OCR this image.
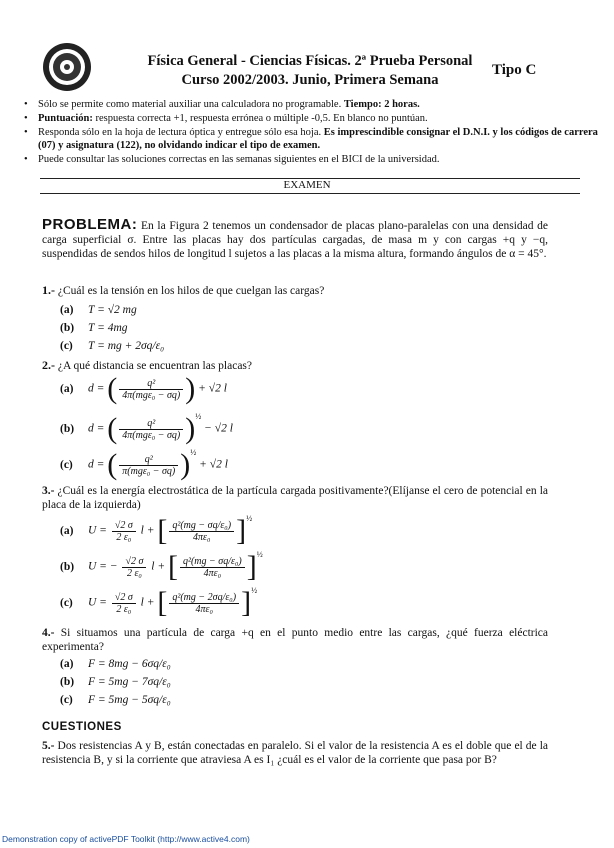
Física General - Ciencias Físicas. 2ª Prueba Personal
Curso 2002/2003. Junio, Primera Semana
Tipo C
• Sólo se permite como material auxiliar una calculadora no programable. Tiempo: 2 horas.
• Puntuación: respuesta correcta +1, respuesta errónea o múltiple -0,5. En blanco no puntúan.
• Responda sólo en la hoja de lectura óptica y entregue sólo esa hoja. Es imprescindible consignar el D.N.I. y los códigos de carrera (07) y asignatura (122), no olvidando indicar el tipo de examen.
• Puede consultar las soluciones correctas en las semanas siguientes en el BICI de la universidad.
EXAMEN
PROBLEMA: En la Figura 2 tenemos un condensador de placas plano-paralelas con una densidad de carga superficial σ. Entre las placas hay dos partículas cargadas, de masa m y con cargas +q y −q, suspendidas de sendos hilos de longitud l sujetos a las placas a la misma altura, formando ángulos de α = 45°.
1.- ¿Cuál es la tensión en los hilos de que cuelgan las cargas?
(a) T = √2 mg
(b) T = 4mg
(c) T = mg + 2σq/ε₀
2.- ¿A qué distancia se encuentran las placas?
(a) d = ( $\frac{\text{q²}}{\text{4π(mgε₀ − σq)}}$ ) + √2 l
(b) d = ( $\frac{\text{q²}}{\text{4π(mgε₀ − σq)}} )^{\frac{1}{2}} - √2$ l
(c) d = ( $\frac{\text{q²}}{\text{π(mgε₀ − σq)}} )^{\frac{1}{2}} + √2$ l
3.- ¿Cuál es la energía electrostática de la partícula cargada positivamente?(Elíjanse el cero de potencial en la placa de la izquierda)
(a) $U = \frac{√2 \sigma}{\text{2 ε₀}}$ l + [ $\frac{\text{q²(mg − σq/ε₀)}}{\text{4πε₀}} ]^{\frac{1}{2}}$
(b) U = − $\frac{√2 \sigma}{\text{2 ε₀}}$ l + [ $\frac{\text{q²(mg − σq/ε₀)}}{\text{4πε₀}} ]^{\frac{1}{2}}$
(c) $U = \frac{√2 \sigma}{\text{2 ε₀}}$ l + [ $\frac{\text{q²(mg − 2σq/ε₀)}}{\text{4πε₀}} ]^{\frac{1}{2}}$
4.- Si situamos una partícula de carga +q en el punto medio entre las cargas, ¿qué fuerza eléctrica experimenta?
(a) F = 8mg − 6σq/ε₀
(b) F = 5mg − 7σq/ε₀
(c) F = 5mg − 5σq/ε₀
CUESTIONES
5.- Dos resistencias A y B, están conectadas en paralelo. Si el valor de la resistencia A es el doble que el de la resistencia B, y si la corriente que atraviesa A es I₁ ¿cuál es el valor de la corriente que pasa por B?
Demonstration copy of activePDF Toolkit (http://www.active4.com)
